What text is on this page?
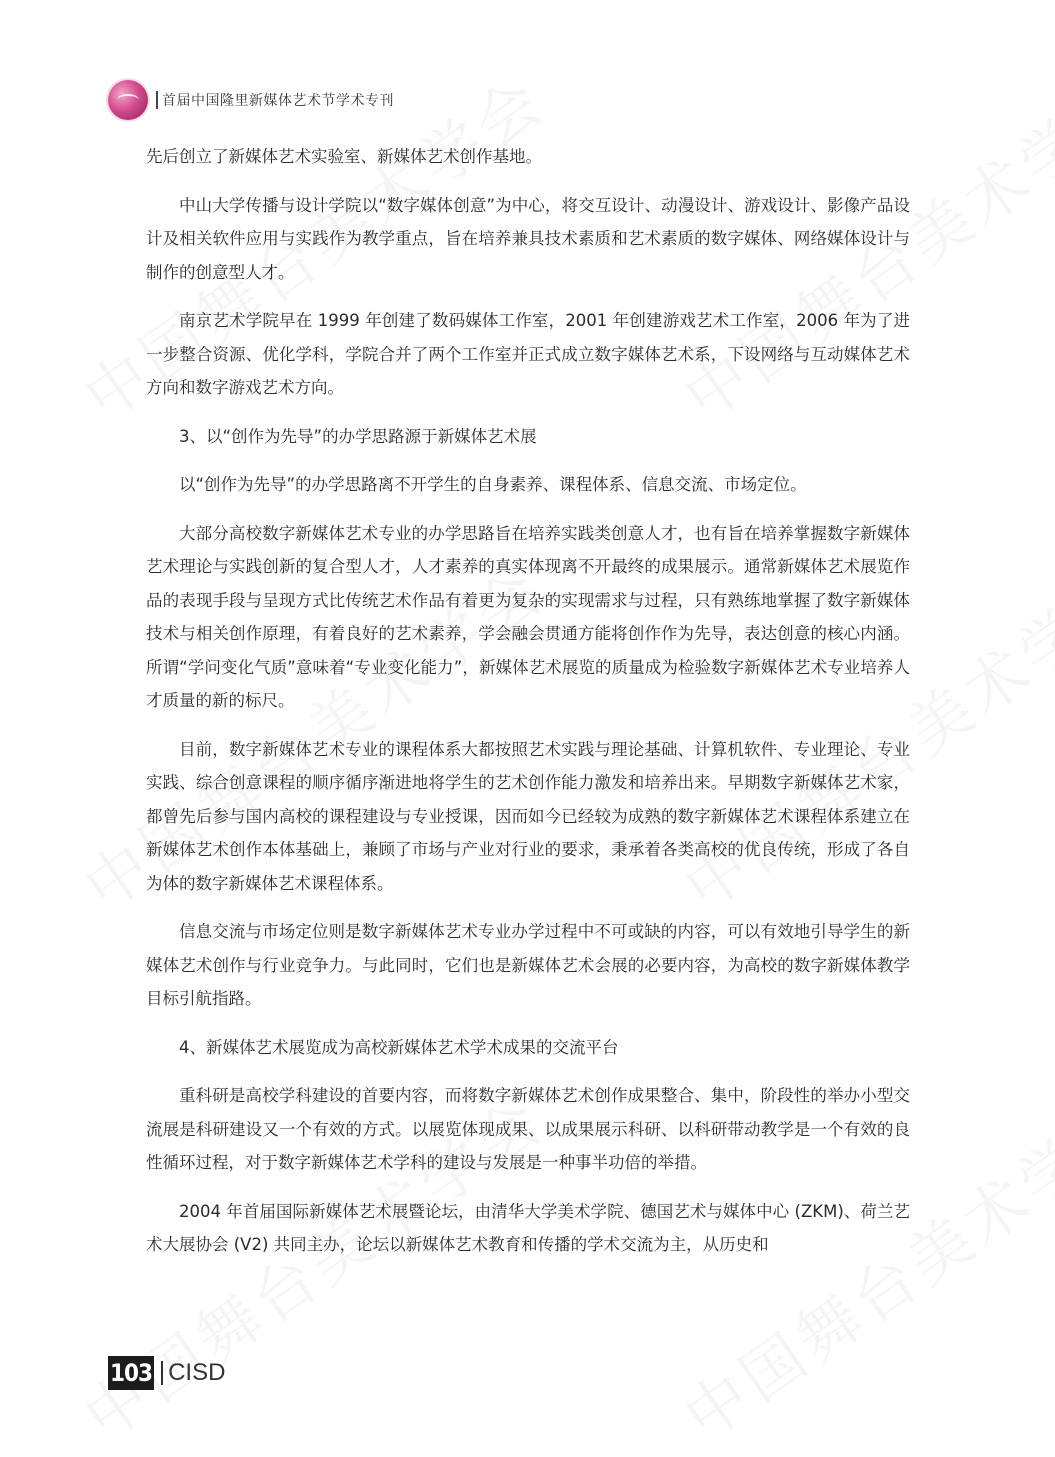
首届中国隆里新媒体艺术节学术专刊

先后创立了新媒体艺术实验室、新媒体艺术创作基地。

中山大学传播与设计学院以“数字媒体创意”为中心，将交互设计、动漫设计、游戏设计、影像产品设计及相关软件应用与实践作为教学重点，旨在培养兼具技术素质和艺术素质的数字媒体、网络媒体设计与制作的创意型人才。

南京艺术学院早在 1999 年创建了数码媒体工作室，2001 年创建游戏艺术工作室，2006 年为了进一步整合资源、优化学科，学院合并了两个工作室并正式成立数字媒体艺术系，下设网络与互动媒体艺术方向和数字游戏艺术方向。

3、以“创作为先导”的办学思路源于新媒体艺术展

以“创作为先导”的办学思路离不开学生的自身素养、课程体系、信息交流、市场定位。

大部分高校数字新媒体艺术专业的办学思路旨在培养实践类创意人才，也有旨在培养掌握数字新媒体艺术理论与实践创新的复合型人才，人才素养的真实体现离不开最终的成果展示。通常新媒体艺术展览作品的表现手段与呈现方式比传统艺术作品有着更为复杂的实现需求与过程，只有熟练地掌握了数字新媒体技术与相关创作原理，有着良好的艺术素养，学会融会贯通方能将创作作为先导，表达创意的核心内涵。所谓“学问变化气质”意味着“专业变化能力”，新媒体艺术展览的质量成为检验数字新媒体艺术专业培养人才质量的新的标尺。

目前，数字新媒体艺术专业的课程体系大都按照艺术实践与理论基础、计算机软件、专业理论、专业实践、综合创意课程的顺序循序渐进地将学生的艺术创作能力激发和培养出来。早期数字新媒体艺术家，都曾先后参与国内高校的课程建设与专业授课，因而如今已经较为成熟的数字新媒体艺术课程体系建立在新媒体艺术创作本体基础上，兼顾了市场与产业对行业的要求，秉承着各类高校的优良传统，形成了各自为体的数字新媒体艺术课程体系。

信息交流与市场定位则是数字新媒体艺术专业办学过程中不可或缺的内容，可以有效地引导学生的新媒体艺术创作与行业竞争力。与此同时，它们也是新媒体艺术会展的必要内容，为高校的数字新媒体教学目标引航指路。

4、新媒体艺术展览成为高校新媒体艺术学术成果的交流平台

重科研是高校学科建设的首要内容，而将数字新媒体艺术创作成果整合、集中，阶段性的举办小型交流展是科研建设又一个有效的方式。以展览体现成果、以成果展示科研、以科研带动教学是一个有效的良性循环过程，对于数字新媒体艺术学科的建设与发展是一种事半功倍的举措。

2004 年首届国际新媒体艺术展暨论坛，由清华大学美术学院、德国艺术与媒体中心 (ZKM)、荷兰艺术大展协会 (V2) 共同主办，论坛以新媒体艺术教育和传播的学术交流为主，从历史和

103 CISD
